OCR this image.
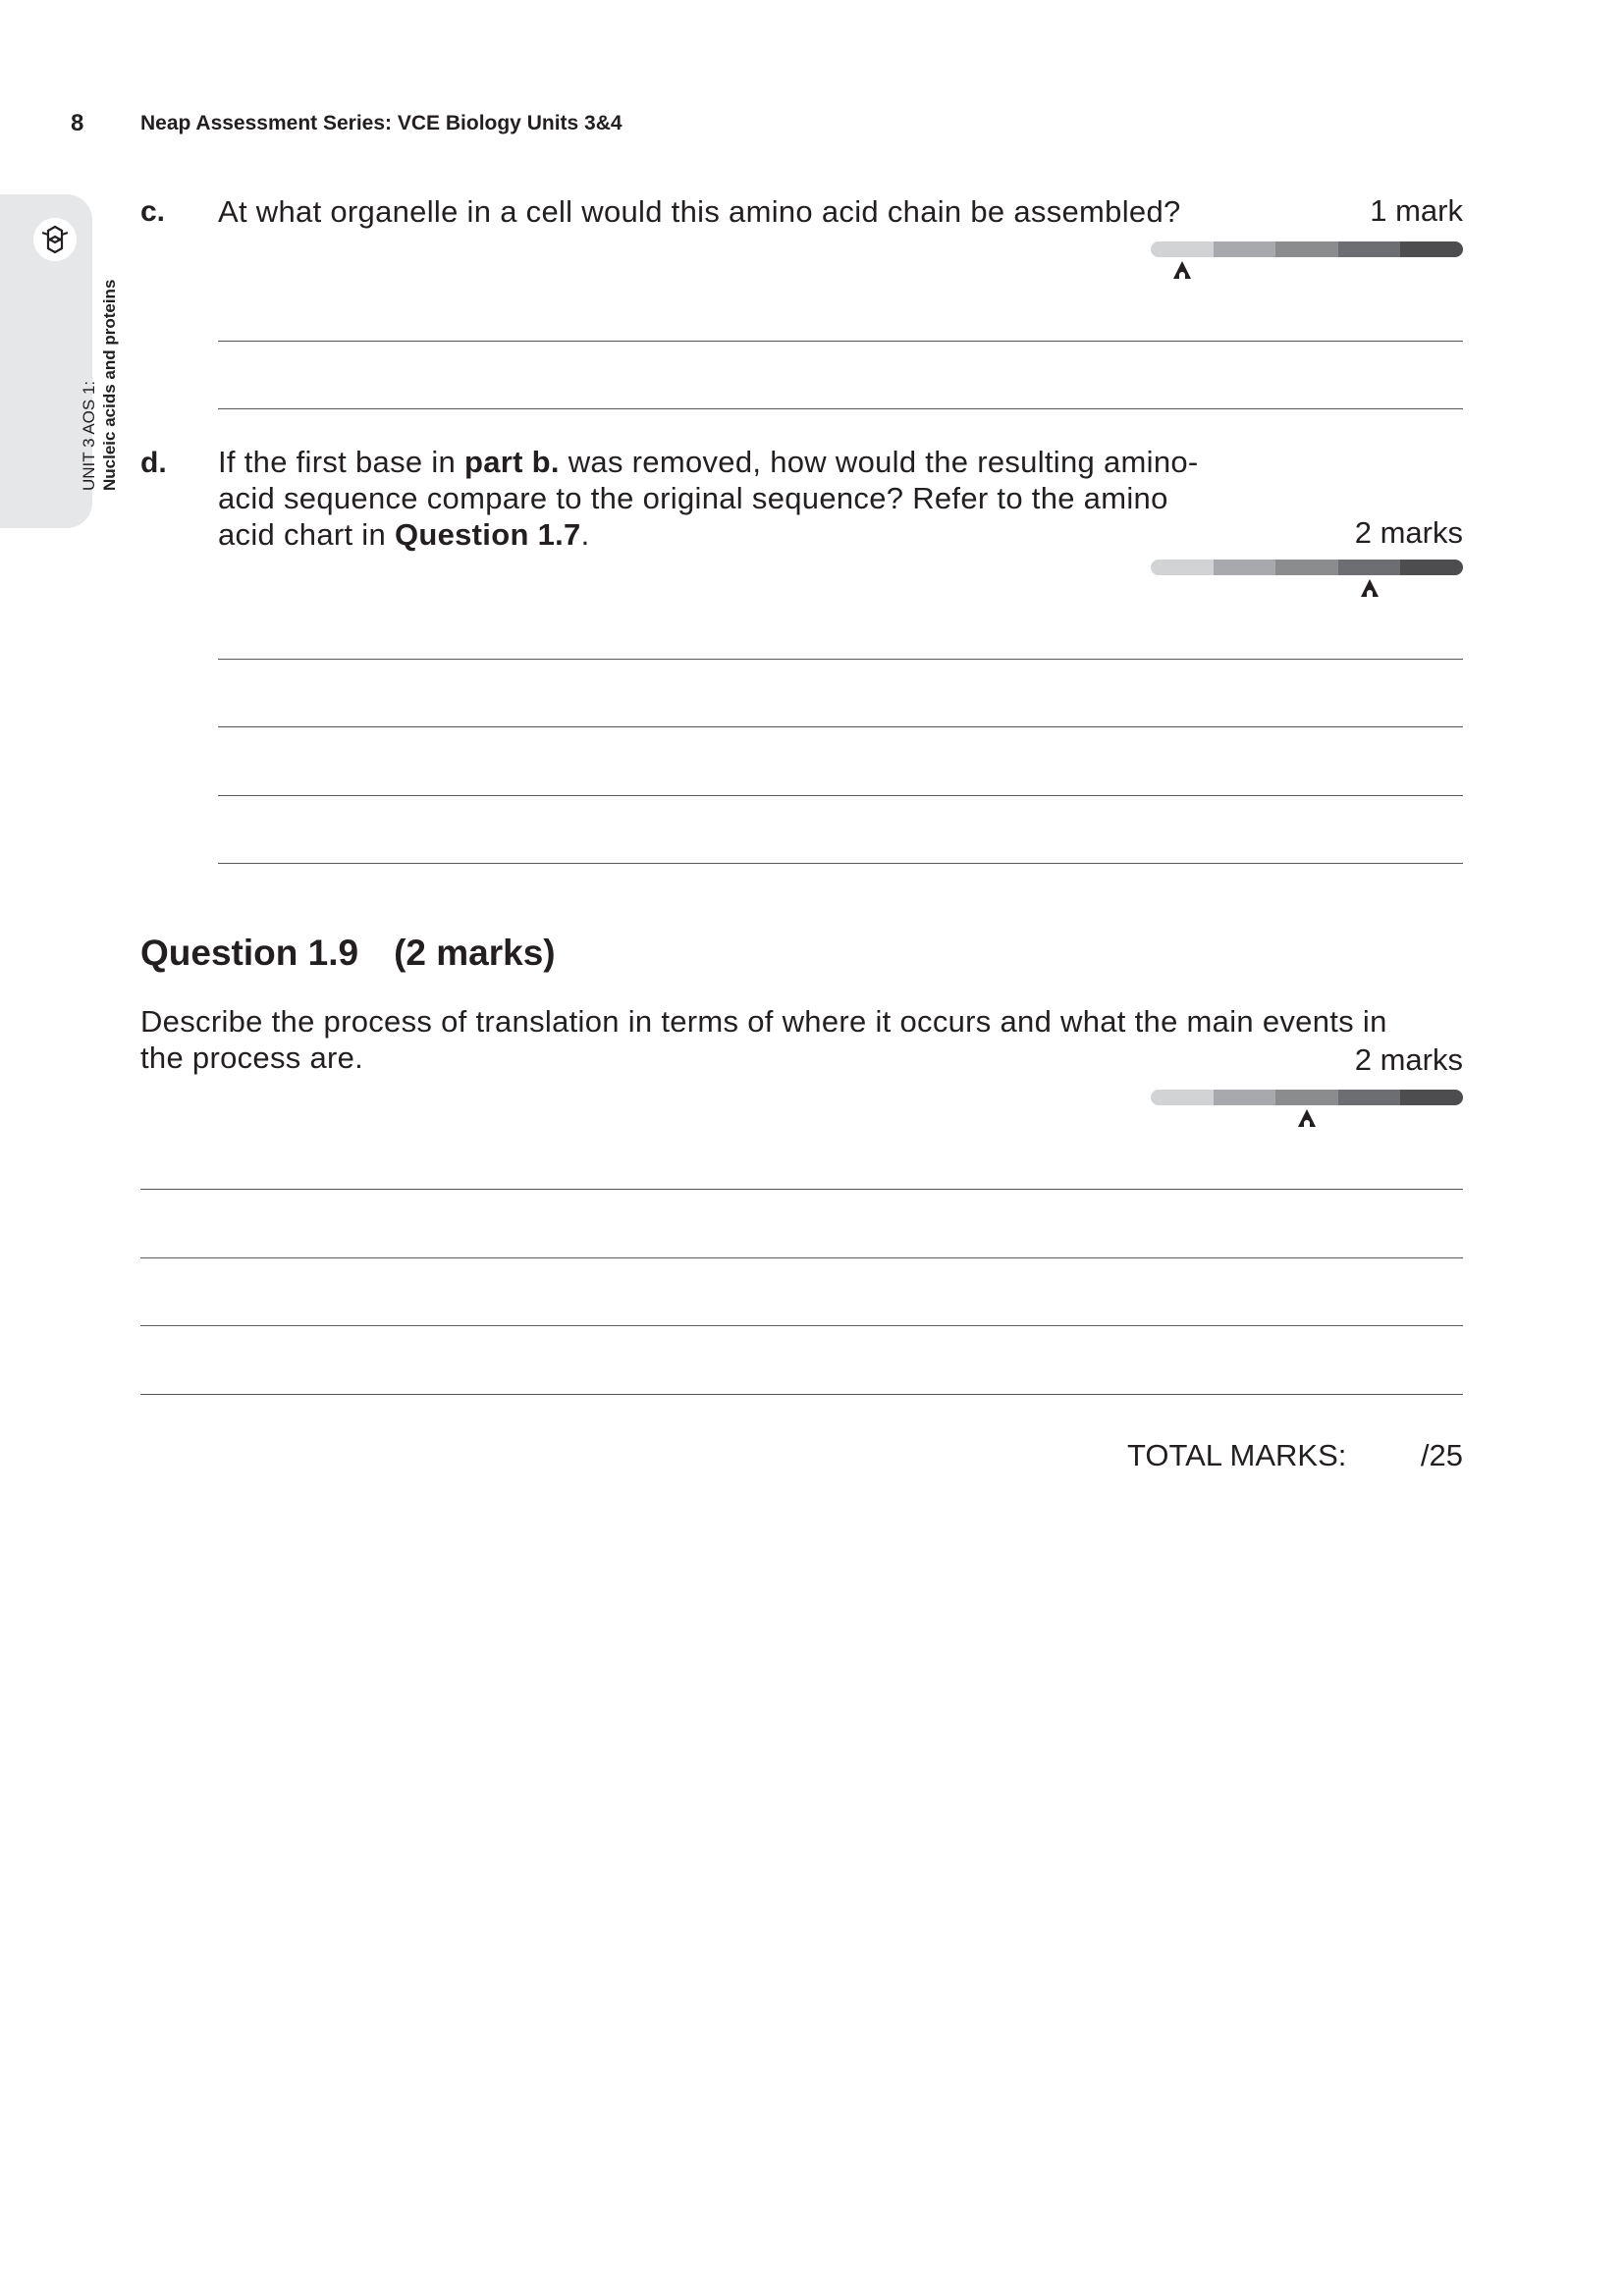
8	Neap Assessment Series: VCE Biology Units 3&4
UNIT 3 AOS 1: Nucleic acids and proteins
c. At what organelle in a cell would this amino acid chain be assembled?	1 mark
d. If the first base in part b. was removed, how would the resulting amino-acid sequence compare to the original sequence? Refer to the amino acid chart in Question 1.7.	2 marks
Question 1.9 (2 marks)
Describe the process of translation in terms of where it occurs and what the main events in the process are.	2 marks
TOTAL MARKS:	/25
